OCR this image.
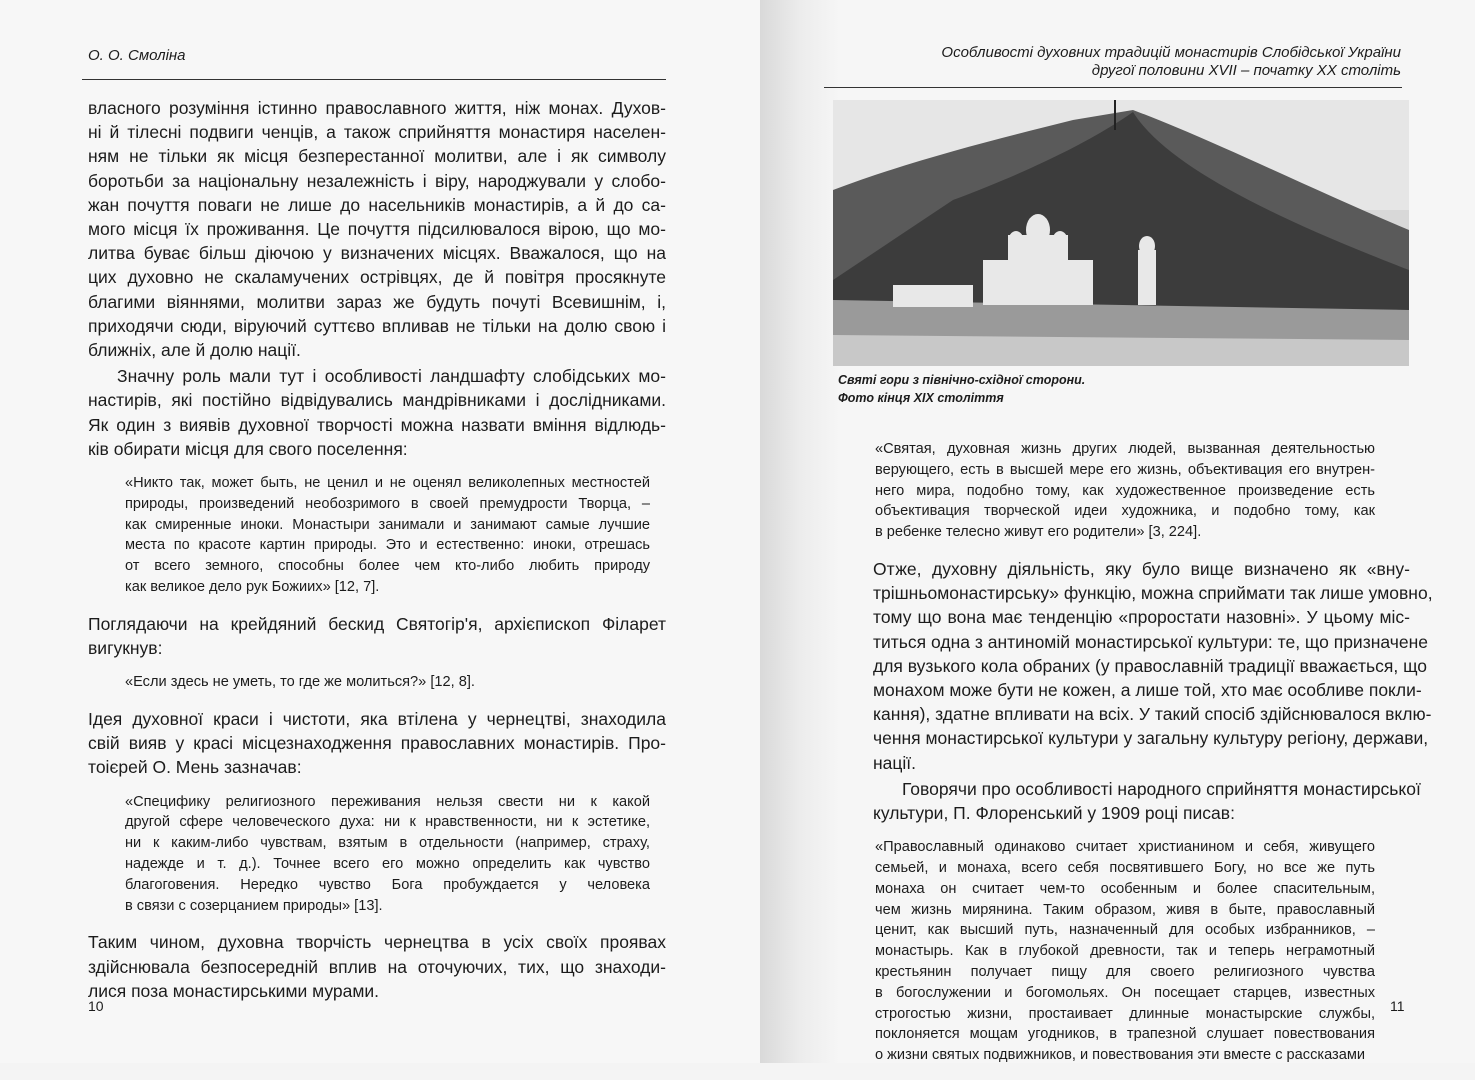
О. О. Смоліна
власного розуміння істинно православного життя, ніж монах. Духов-
ні й тілесні подвиги ченців, а також сприйняття монастиря населен-
ням не тільки як місця безперестанної молитви, але і як символу
боротьби за національну незалежність і віру, народжували у слобо-
жан почуття поваги не лише до насельників монастирів, а й до са-
мого місця їх проживання. Це почуття підсилювалося вірою, що мо-
литва буває більш діючою у визначених місцях. Вважалося, що на
цих духовно не скаламучених острівцях, де й повітря просякнуте
благими віяннями, молитви зараз же будуть почуті Всевишнім, і,
приходячи сюди, віруючий суттєво впливав не тільки на долю свою і
ближніх, але й долю нації.
Значну роль мали тут і особливості ландшафту слобідських мо-
настирів, які постійно відвідувались мандрівниками і дослідниками.
Як один з виявів духовної творчості можна назвати вміння відлюдь-
ків обирати місця для свого поселення:
«Никто так, может быть, не ценил и не оценял великолепных местностей
природы, произведений необозримого в своей премудрости Творца, –
как смиренные иноки. Монастыри занимали и занимают самые лучшие
места по красоте картин природы. Это и естественно: иноки, отрешась
от всего земного, способны более чем кто-либо любить природу
как великое дело рук Божиих» [12, 7].
Поглядаючи на крейдяний бескид Святогір'я, архієпископ Філарет
вигукнув:
«Если здесь не уметь, то где же молиться?» [12, 8].
Ідея духовної краси і чистоти, яка втілена у чернецтві, знаходила
свій вияв у красі місцезнаходження православних монастирів. Про-
тоієрей О. Мень зазначав:
«Специфику религиозного переживания нельзя свести ни к какой
другой сфере человеческого духа: ни к нравственности, ни к эстетике,
ни к каким-либо чувствам, взятым в отдельности (например, страху,
надежде и т. д.). Точнее всего его можно определить как чувство
благоговения. Нередко чувство Бога пробуждается у человека
в связи с созерцанием природы» [13].
Таким чином, духовна творчість чернецтва в усіх своїх проявах
здійснювала безпосередній вплив на оточуючих, тих, що знаходи-
лися поза монастирськими мурами.
10
Особливості духовних традицій монастирів Слобідської України
другої половини XVII – початку XX століть
Святі гори з північно-східної сторони.
Фото кінця XIX століття
«Святая, духовная жизнь других людей, вызванная деятельностью
верующего, есть в высшей мере его жизнь, объективация его внутрен-
него мира, подобно тому, как художественное произведение есть
объективация творческой идеи художника, и подобно тому, как
в ребенке телесно живут его родители» [3, 224].
Отже, духовну діяльність, яку було вище визначено як «вну-
трішньомонастирську» функцію, можна сприймати так лише умовно,
тому що вона має тенденцію «проростати назовні». У цьому міс-
титься одна з антиномій монастирської культури: те, що призначене
для вузького кола обраних (у православній традиції вважається, що
монахом може бути не кожен, а лише той, хто має особливе покли-
кання), здатне впливати на всіх. У такий спосіб здійснювалося вклю-
чення монастирської культури у загальну культуру регіону, держави,
нації.
Говорячи про особливості народного сприйняття монастирської
культури, П. Флоренський у 1909 році писав:
«Православный одинаково считает христианином и себя, живущего
семьей, и монаха, всего себя посвятившего Богу, но все же путь
монаха он считает чем-то особенным и более спасительным,
чем жизнь мирянина. Таким образом, живя в быте, православный
ценит, как высший путь, назначенный для особых избранников, –
монастырь. Как в глубокой древности, так и теперь неграмотный
крестьянин получает пищу для своего религиозного чувства
в богослужении и богомольях. Он посещает старцев, известных
строгостью жизни, простаивает длинные монастырские службы,
поклоняется мощам угодников, в трапезной слушает повествования
о жизни святых подвижников, и повествования эти вместе с рассказами
11
